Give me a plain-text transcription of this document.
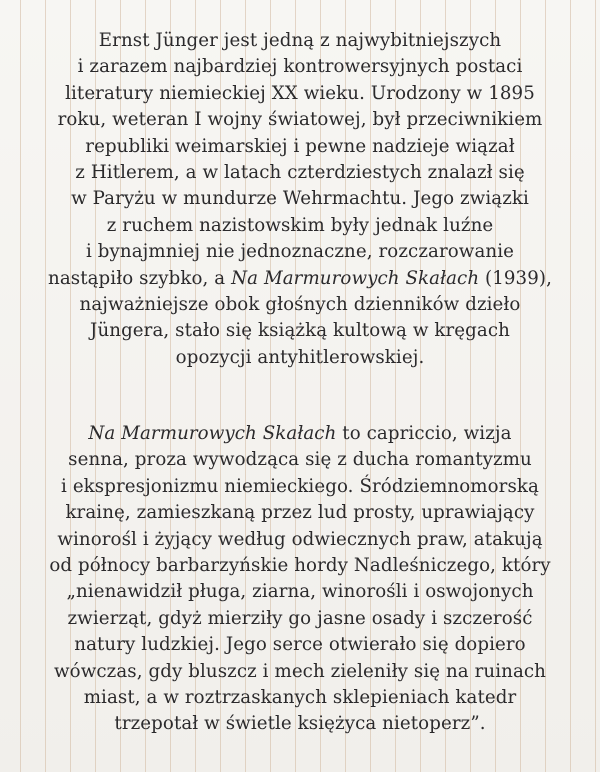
Ernst Jünger jest jedną z najwybitniejszych
i zarazem najbardziej kontrowersyjnych postaci
literatury niemieckiej XX wieku. Urodzony w 1895
roku, weteran I wojny światowej, był przeciwnikiem
republiki weimarskiej i pewne nadzieje wiązał
z Hitlerem, a w latach czterdziestych znalazł się
w Paryżu w mundurze Wehrmachtu. Jego związki
z ruchem nazistowskim były jednak luźne
i bynajmniej nie jednoznaczne, rozczarowanie
nastąpiło szybko, a Na Marmurowych Skałach (1939),
najważniejsze obok głośnych dzienników dzieło
Jüngera, stało się książką kultową w kręgach
opozycji antyhitlerowskiej.
Na Marmurowych Skałach to capriccio, wizja
senna, proza wywodząca się z ducha romantyzmu
i ekspresjonizmu niemieckiego. Śródziemnomorską
krainę, zamieszkaną przez lud prosty, uprawiający
winorośl i żyjący według odwiecznych praw, atakują
od północy barbarzyńskie hordy Nadleśniczego, który
„nienawidził pługa, ziarna, winorośli i oswojonych
zwierząt, gdyż mierziły go jasne osady i szczerość
natury ludzkiej. Jego serce otwierało się dopiero
wówczas, gdy bluszcz i mech zieleniły się na ruinach
miast, a w roztrzaskanych sklepieniach katedr
trzepotał w świetle księżyca nietoperz”.
